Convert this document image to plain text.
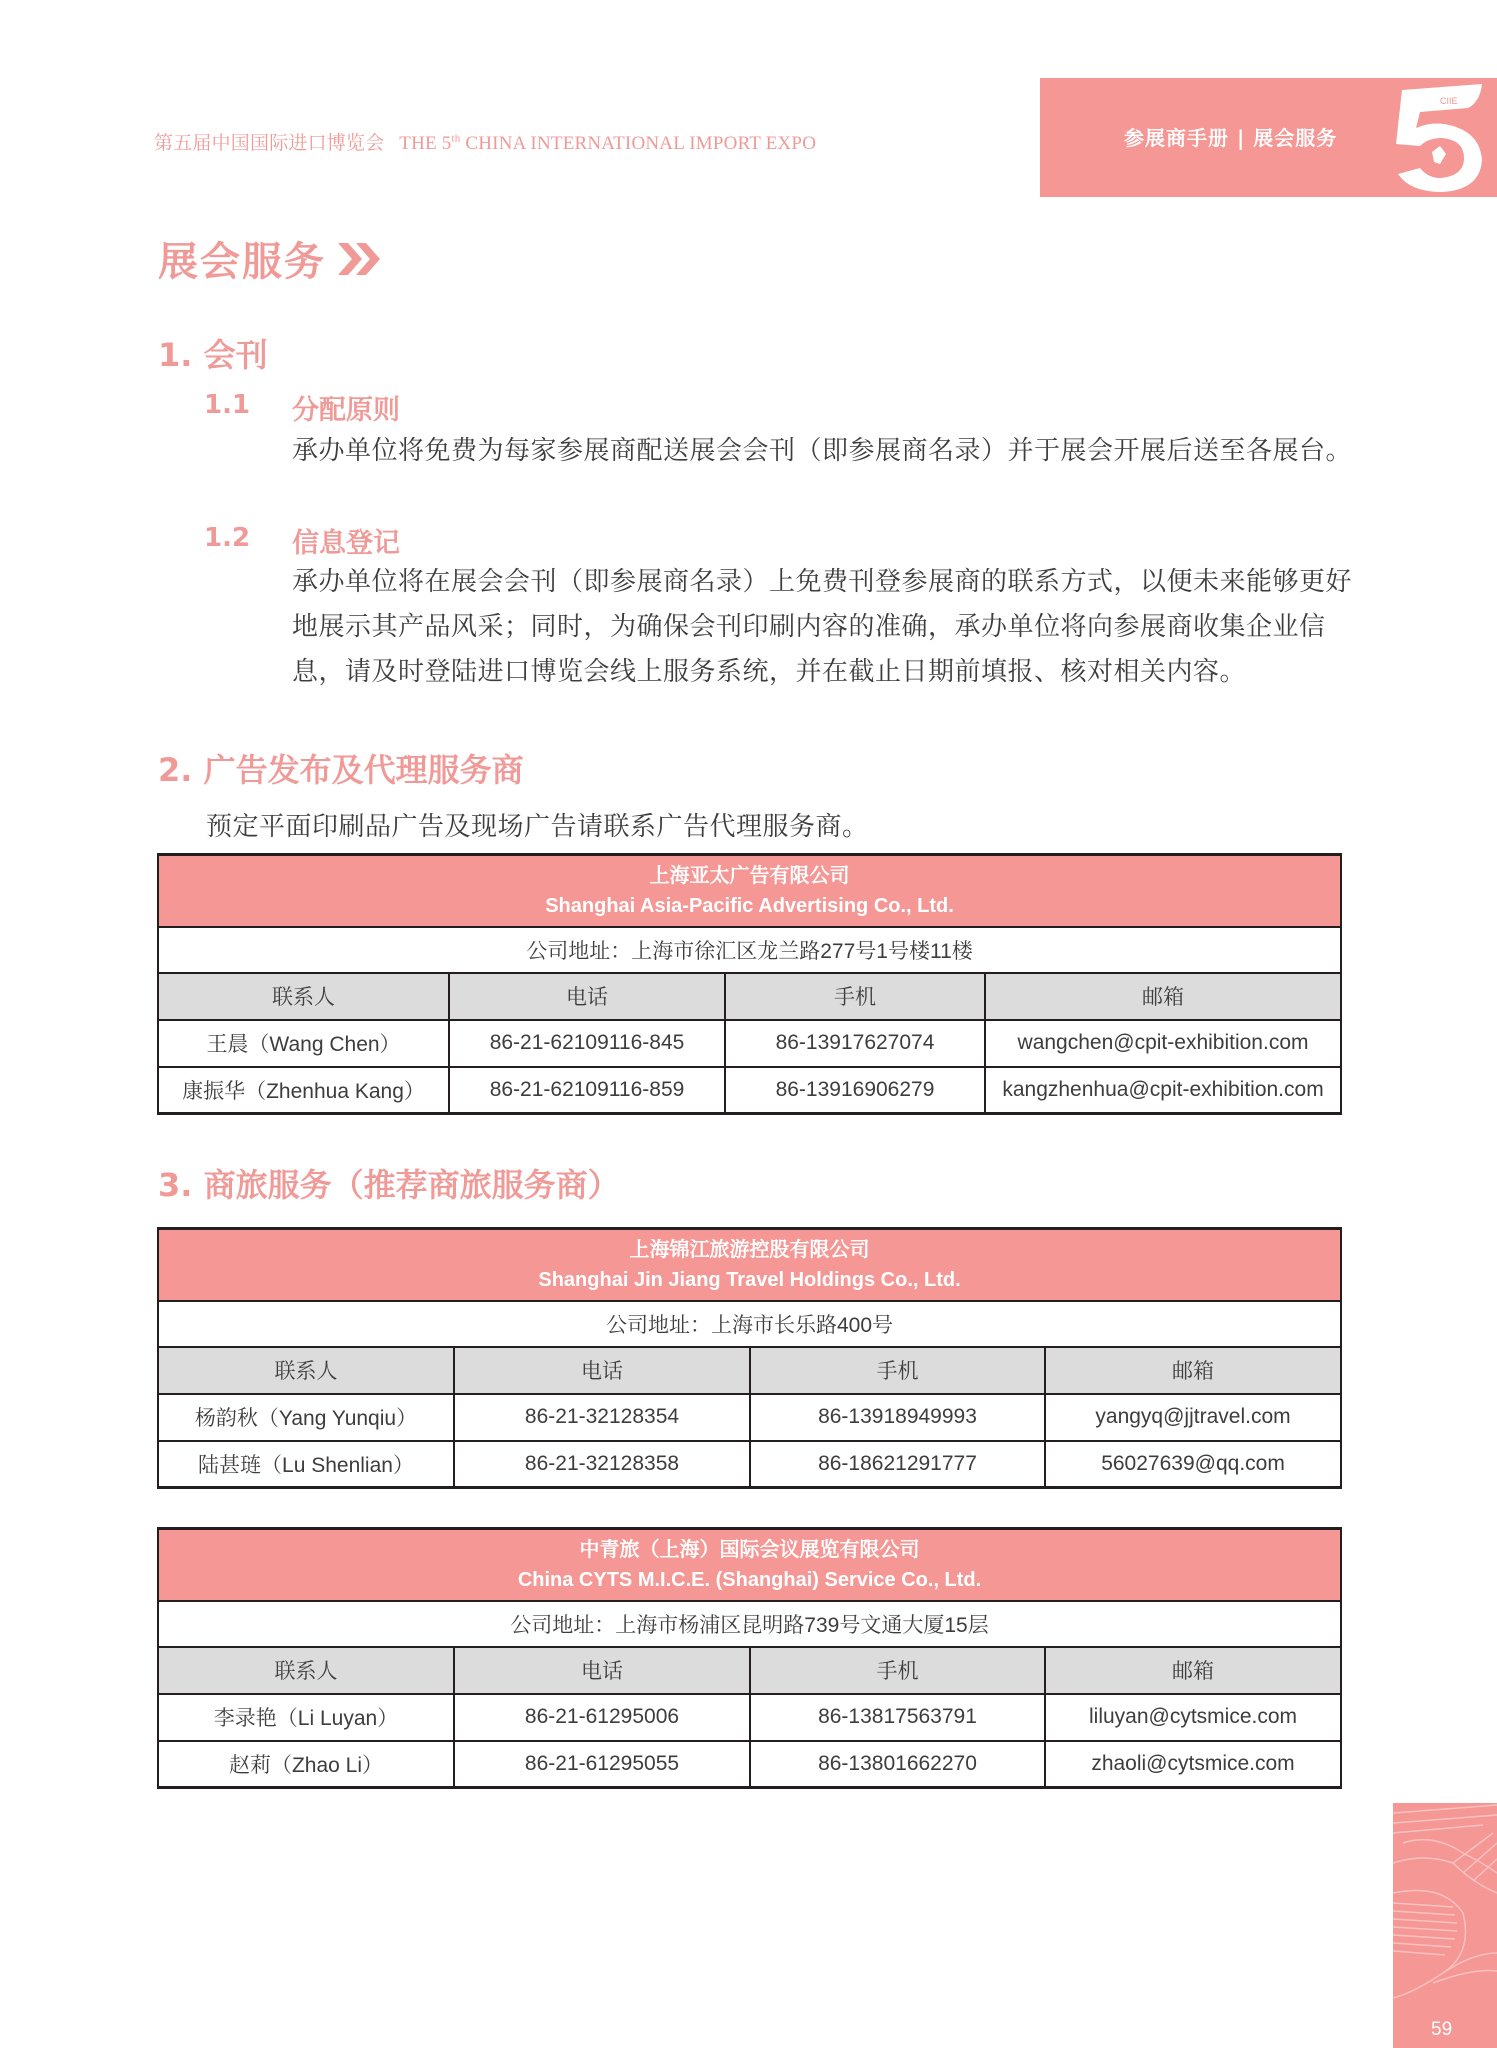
第五届中国国际进口博览会 THE 5th CHINA INTERNATIONAL IMPORT EXPO	参展商手册 | 展会服务
CIIE
展会服务
1. 会刊
1.1 分配原则
承办单位将免费为每家参展商配送展会会刊（即参展商名录）并于展会开展后送至各展台。
1.2 信息登记
承办单位将在展会会刊（即参展商名录）上免费刊登参展商的联系方式，以便未来能够更好地展示其产品风采；同时，为确保会刊印刷内容的准确，承办单位将向参展商收集企业信息，请及时登陆进口博览会线上服务系统，并在截止日期前填报、核对相关内容。
2. 广告发布及代理服务商
预定平面印刷品广告及现场广告请联系广告代理服务商。
上海亚太广告有限公司
Shanghai Asia-Pacific Advertising Co., Ltd.			

公司地址：上海市徐汇区龙兰路277号1号楼11楼			
联系人	电话	手机	邮箱
王晨（Wang Chen）	86-21-62109116-845	86-13917627074	wangchen@cpit-exhibition.com
康振华（Zhenhua Kang）	86-21-62109116-859	86-13916906279	kangzhenhua@cpit-exhibition.com
3. 商旅服务（推荐商旅服务商）
上海锦江旅游控股有限公司
Shanghai Jin Jiang Travel Holdings Co., Ltd.			

公司地址：上海市长乐路400号			
联系人	电话	手机	邮箱
杨韵秋（Yang Yunqiu）	86-21-32128354	86-13918949993	yangyq@jjtravel.com
陆甚琏（Lu Shenlian）	86-21-32128358	86-18621291777	56027639@qq.com
中青旅（上海）国际会议展览有限公司
China CYTS M.I.C.E. (Shanghai) Service Co., Ltd.			

公司地址：上海市杨浦区昆明路739号文通大厦15层			
联系人	电话	手机	邮箱
李录艳（Li Luyan）	86-21-61295006	86-13817563791	liluyan@cytsmice.com
赵莉（Zhao Li）	86-21-61295055	86-13801662270	zhaoli@cytsmice.com
59
